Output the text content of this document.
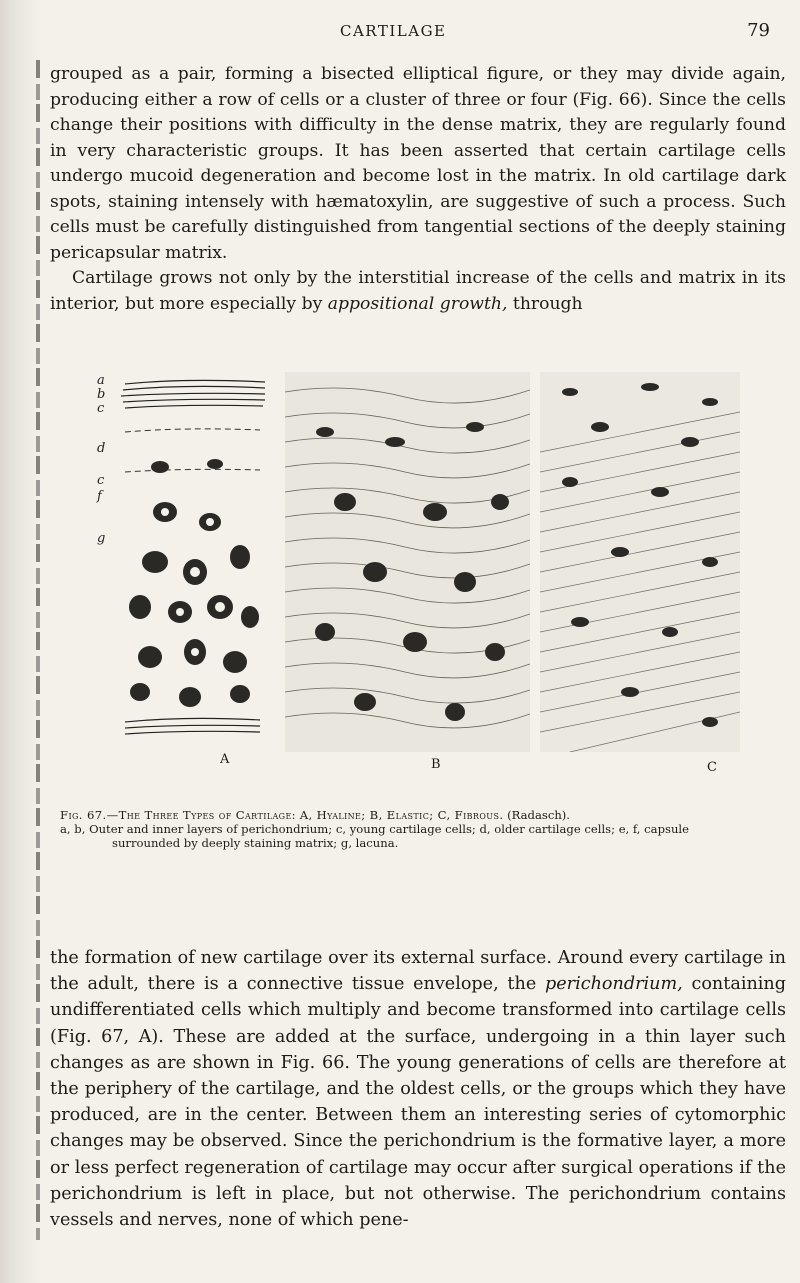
CARTILAGE	79

grouped as a pair, forming a bisected elliptical figure, or they may divide again, producing either a row of cells or a cluster of three or four (Fig. 66). Since the cells change their positions with difficulty in the dense matrix, they are regularly found in very characteristic groups. It has been asserted that certain cartilage cells undergo mucoid degeneration and become lost in the matrix. In old cartilage dark spots, staining intensely with hæmatoxylin, are suggestive of such a process. Such cells must be carefully distinguished from tangential sections of the deeply staining pericapsular matrix.

Cartilage grows not only by the interstitial increase of the cells and matrix in its interior, but more especially by appositional growth, through

a
b
c
d
c
f
g
A	B	C
Fig. 67.—The Three Types of Cartilage: A, Hyaline; B, Elastic; C, Fibrous. (Radasch).
a, b, Outer and inner layers of perichondrium; c, young cartilage cells; d, older cartilage cells; e, f, capsule
surrounded by deeply staining matrix; g, lacuna.

the formation of new cartilage over its external surface. Around every cartilage in the adult, there is a connective tissue envelope, the perichondrium, containing undifferentiated cells which multiply and become transformed into cartilage cells (Fig. 67, A). These are added at the surface, undergoing in a thin layer such changes as are shown in Fig. 66. The young generations of cells are therefore at the periphery of the cartilage, and the oldest cells, or the groups which they have produced, are in the center. Between them an interesting series of cytomorphic changes may be observed. Since the perichondrium is the formative layer, a more or less perfect regeneration of cartilage may occur after surgical operations if the perichondrium is left in place, but not otherwise. The perichondrium contains vessels and nerves, none of which pene-
